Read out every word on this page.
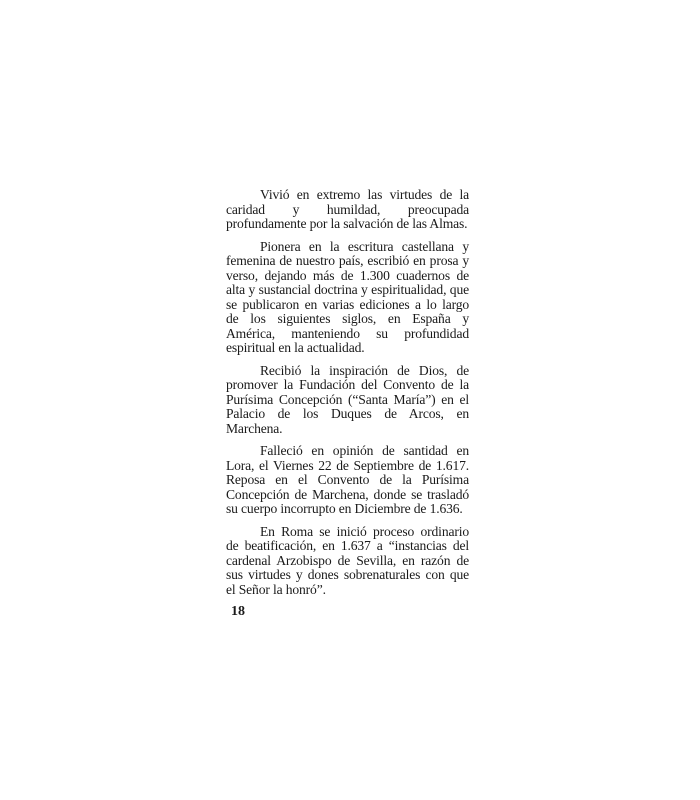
Vivió en extremo las virtudes de la caridad y humildad, preocupada profundamente por la salvación de las Almas.

Pionera en la escritura castellana y femenina de nuestro país, escribió en prosa y verso, dejando más de 1.300 cuadernos de alta y sustancial doctrina y espiritualidad, que se publicaron en varias ediciones a lo largo de los siguientes siglos, en España y América, manteniendo su profundidad espiritual en la actualidad.

Recibió la inspiración de Dios, de promover la Fundación del Convento de la Purísima Concepción (“Santa María”) en el Palacio de los Duques de Arcos, en Marchena.

Falleció en opinión de santidad en Lora, el Viernes 22 de Septiembre de 1.617. Reposa en el Convento de la Purísima Concepción de Marchena, donde se trasladó su cuerpo incorrupto en Diciembre de 1.636.

En Roma se inició proceso ordinario de beatificación, en 1.637 a “instancias del cardenal Arzobispo de Sevilla, en razón de sus virtudes y dones sobrenaturales con que el Señor la honró”.

18
